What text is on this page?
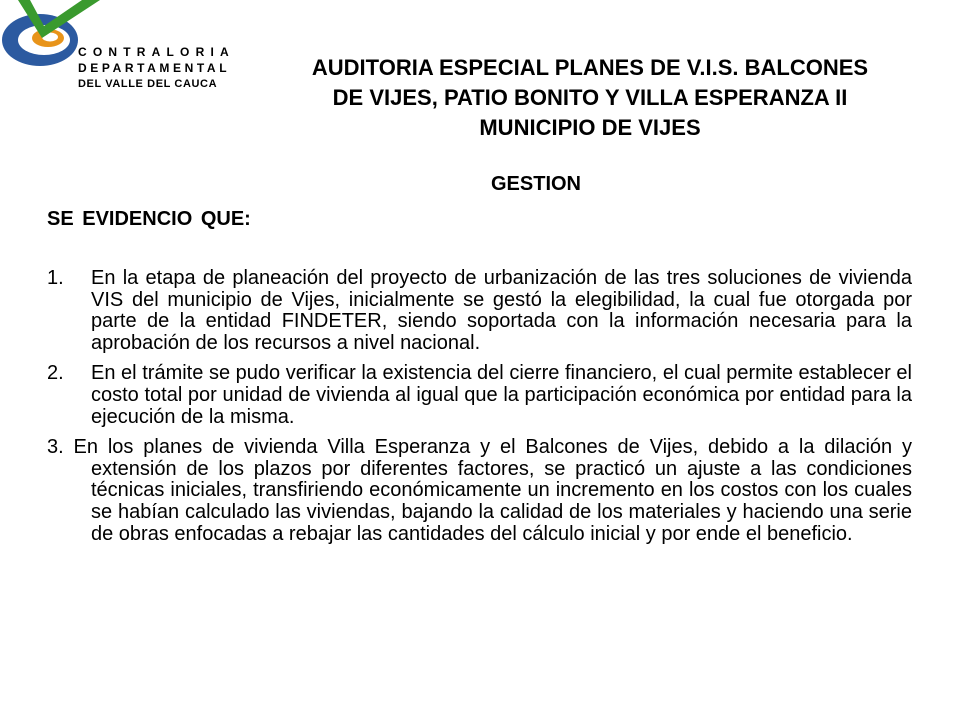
CONTRALORIA
DEPARTAMENTAL
DEL VALLE DEL CAUCA
AUDITORIA ESPECIAL PLANES DE V.I.S. BALCONES
DE VIJES, PATIO BONITO Y VILLA ESPERANZA II
MUNICIPIO DE VIJES
GESTION
SE EVIDENCIO QUE:
1. En la etapa de planeación del proyecto de urbanización de las tres soluciones de vivienda VIS del municipio de Vijes, inicialmente se gestó la elegibilidad, la cual fue otorgada por parte de la entidad FINDETER, siendo soportada con la información necesaria para la aprobación de los recursos a nivel nacional.
2. En el trámite se pudo verificar la existencia del cierre financiero, el cual permite establecer el costo total por unidad de vivienda al igual que la participación económica por entidad para la ejecución de la misma.
3. En los planes de vivienda Villa Esperanza y el Balcones de Vijes, debido a la dilación y extensión de los plazos por diferentes factores, se practicó un ajuste a las condiciones técnicas iniciales, transfiriendo económicamente un incremento en los costos con los cuales se habían calculado las viviendas, bajando la calidad de los materiales y haciendo una serie de obras enfocadas a rebajar las cantidades del cálculo inicial y por ende el beneficio.
